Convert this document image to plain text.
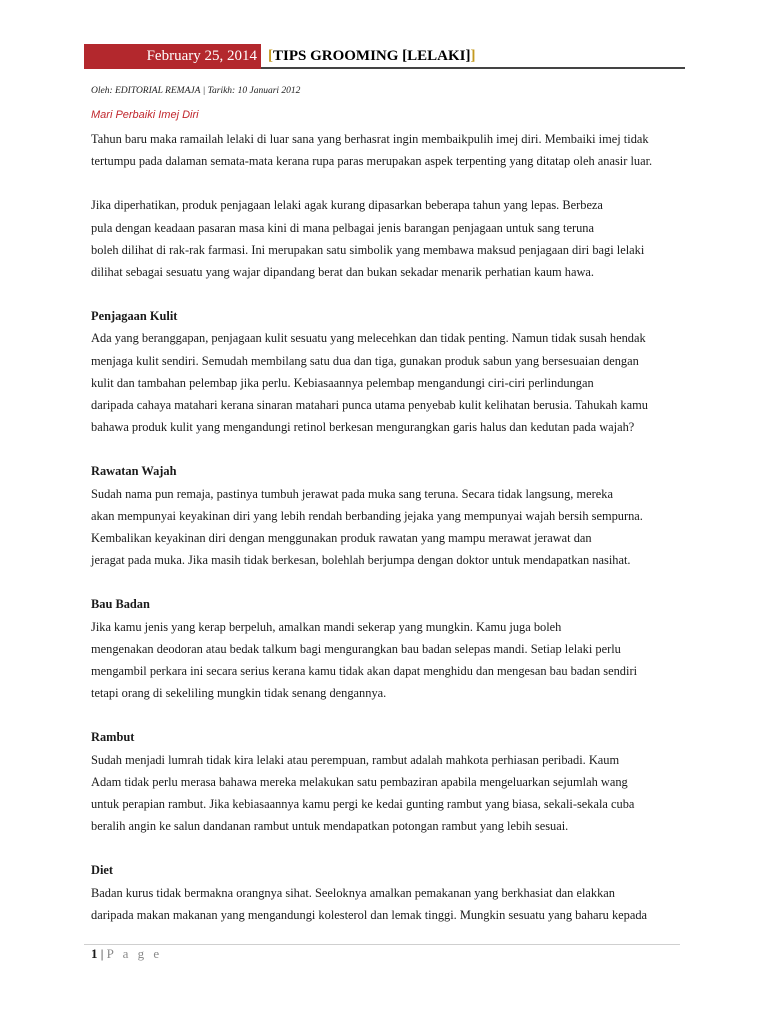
February 25, 2014 [TIPS GROOMING [LELAKI]]
Oleh: EDITORIAL REMAJA | Tarikh: 10 Januari 2012
Mari Perbaiki Imej Diri

Tahun baru maka ramailah lelaki di luar sana yang berhasrat ingin membaikpulih imej diri. Membaiki imej tidak

tertumpu pada dalaman semata-mata kerana rupa paras merupakan aspek terpenting yang ditatap oleh anasir luar.

Jika diperhatikan, produk penjagaan lelaki agak kurang dipasarkan beberapa tahun yang lepas. Berbeza

pula dengan keadaan pasaran masa kini di mana pelbagai jenis barangan penjagaan untuk sang teruna

boleh dilihat di rak-rak farmasi. Ini merupakan satu simbolik yang membawa maksud penjagaan diri bagi lelaki

dilihat sebagai sesuatu yang wajar dipandang berat dan bukan sekadar menarik perhatian kaum hawa.

Penjagaan Kulit

Ada yang beranggapan, penjagaan kulit sesuatu yang melecehkan dan tidak penting. Namun tidak susah hendak

menjaga kulit sendiri. Semudah membilang satu dua dan tiga, gunakan produk sabun yang bersesuaian dengan

kulit dan tambahan pelembap jika perlu. Kebiasaannya pelembap mengandungi ciri-ciri perlindungan

daripada cahaya matahari kerana sinaran matahari punca utama penyebab kulit kelihatan berusia. Tahukah kamu

bahawa produk kulit yang mengandungi retinol berkesan mengurangkan garis halus dan kedutan pada wajah?

Rawatan Wajah

Sudah nama pun remaja, pastinya tumbuh jerawat pada muka sang teruna. Secara tidak langsung, mereka

akan mempunyai keyakinan diri yang lebih rendah berbanding jejaka yang mempunyai wajah bersih sempurna.

Kembalikan keyakinan diri dengan menggunakan produk rawatan yang mampu merawat jerawat dan

jeragat pada muka. Jika masih tidak berkesan, bolehlah berjumpa dengan doktor untuk mendapatkan nasihat.

Bau Badan

Jika kamu jenis yang kerap berpeluh, amalkan mandi sekerap yang mungkin. Kamu juga boleh

mengenakan deodoran atau bedak talkum bagi mengurangkan bau badan selepas mandi. Setiap lelaki perlu

mengambil perkara ini secara serius kerana kamu tidak akan dapat menghidu dan mengesan bau badan sendiri

tetapi orang di sekeliling mungkin tidak senang dengannya.

Rambut

Sudah menjadi lumrah tidak kira lelaki atau perempuan, rambut adalah mahkota perhiasan peribadi. Kaum

Adam tidak perlu merasa bahawa mereka melakukan satu pembaziran apabila mengeluarkan sejumlah wang

untuk perapian rambut. Jika kebiasaannya kamu pergi ke kedai gunting rambut yang biasa, sekali-sekala cuba

beralih angin ke salun dandanan rambut untuk mendapatkan potongan rambut yang lebih sesuai.

Diet

Badan kurus tidak bermakna orangnya sihat. Seeloknya amalkan pemakanan yang berkhasiat dan elakkan

daripada makan makanan yang mengandungi kolesterol dan lemak tinggi. Mungkin sesuatu yang baharu kepada

1 | P a g e
